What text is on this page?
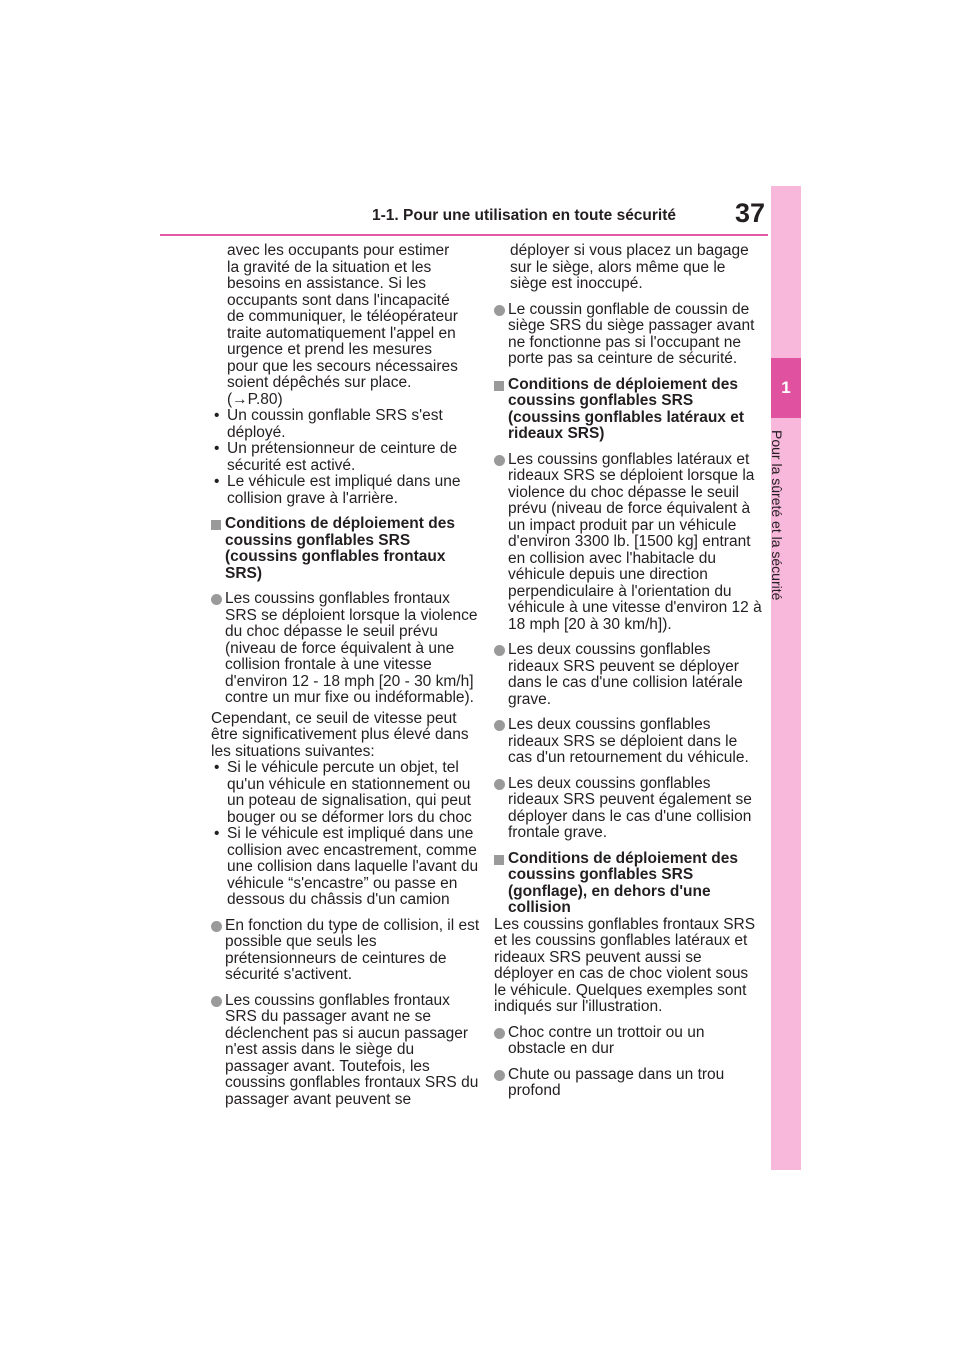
1-1. Pour une utilisation en toute sécurité 37
1
Pour la sûreté et la sécurité
avec les occupants pour estimer
la gravité de la situation et les
besoins en assistance. Si les
occupants sont dans l'incapacité
de communiquer, le téléopérateur
traite automatiquement l'appel en
urgence et prend les mesures
pour que les secours nécessaires
soient dépêchés sur place.
(→P.80)
• Un coussin gonflable SRS s'est déployé.
• Un prétensionneur de ceinture de sécurité est activé.
• Le véhicule est impliqué dans une collision grave à l'arrière.
Conditions de déploiement des coussins gonflables SRS (coussins gonflables frontaux SRS)
Les coussins gonflables frontaux SRS se déploient lorsque la violence du choc dépasse le seuil prévu (niveau de force équivalent à une collision frontale à une vitesse d'environ 12 - 18 mph [20 - 30 km/h] contre un mur fixe ou indéformable).
Cependant, ce seuil de vitesse peut être significativement plus élevé dans les situations suivantes:
• Si le véhicule percute un objet, tel qu'un véhicule en stationnement ou un poteau de signalisation, qui peut bouger ou se déformer lors du choc
• Si le véhicule est impliqué dans une collision avec encastrement, comme une collision dans laquelle l'avant du véhicule “s'encastre” ou passe en dessous du châssis d'un camion
En fonction du type de collision, il est possible que seuls les prétensionneurs de ceintures de sécurité s'activent.
Les coussins gonflables frontaux SRS du passager avant ne se déclenchent pas si aucun passager n'est assis dans le siège du passager avant. Toutefois, les coussins gonflables frontaux SRS du passager avant peuvent se
déployer si vous placez un bagage sur le siège, alors même que le siège est inoccupé.
Le coussin gonflable de coussin de siège SRS du siège passager avant ne fonctionne pas si l'occupant ne porte pas sa ceinture de sécurité.
Conditions de déploiement des coussins gonflables SRS (coussins gonflables latéraux et rideaux SRS)
Les coussins gonflables latéraux et rideaux SRS se déploient lorsque la violence du choc dépasse le seuil prévu (niveau de force équivalent à un impact produit par un véhicule d'environ 3300 lb. [1500 kg] entrant en collision avec l'habitacle du véhicule depuis une direction perpendiculaire à l'orientation du véhicule à une vitesse d'environ 12 à 18 mph [20 à 30 km/h]).
Les deux coussins gonflables rideaux SRS peuvent se déployer dans le cas d'une collision latérale grave.
Les deux coussins gonflables rideaux SRS se déploient dans le cas d'un retournement du véhicule.
Les deux coussins gonflables rideaux SRS peuvent également se déployer dans le cas d'une collision frontale grave.
Conditions de déploiement des coussins gonflables SRS (gonflage), en dehors d'une collision
Les coussins gonflables frontaux SRS et les coussins gonflables latéraux et rideaux SRS peuvent aussi se déployer en cas de choc violent sous le véhicule. Quelques exemples sont indiqués sur l'illustration.
Choc contre un trottoir ou un obstacle en dur
Chute ou passage dans un trou profond
